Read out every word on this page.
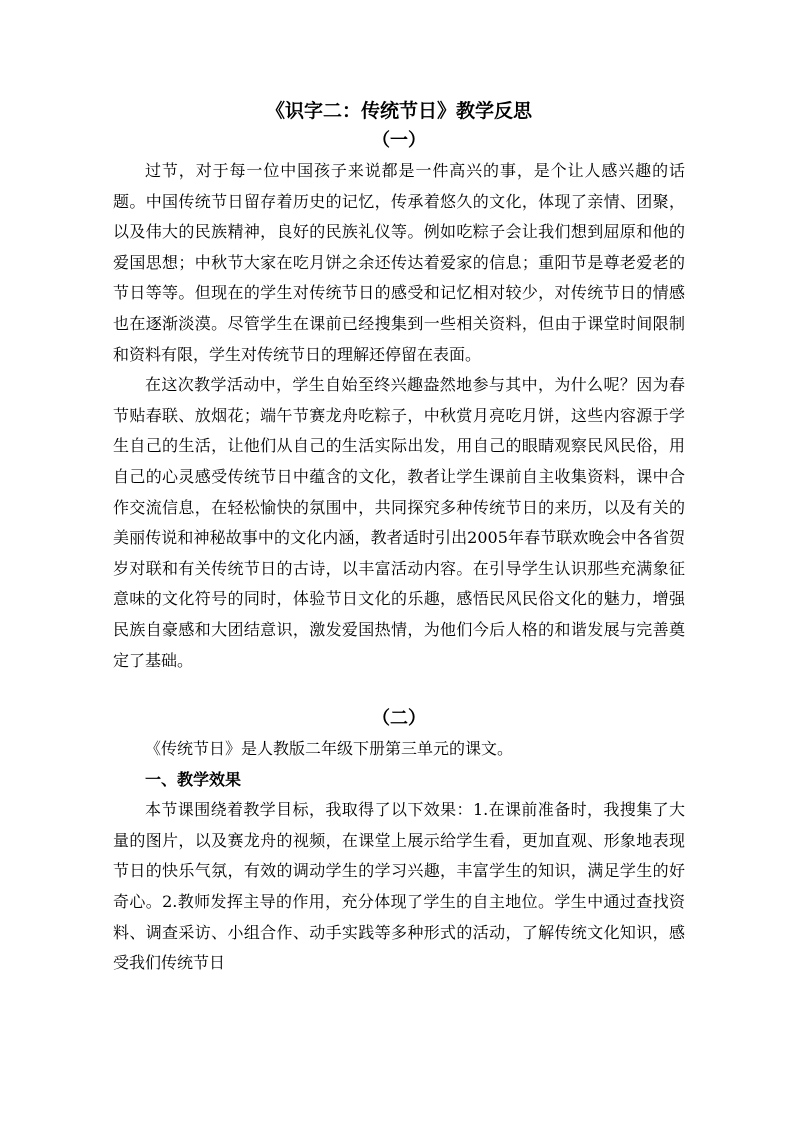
《识字二：传统节日》教学反思
（一）

过节，对于每一位中国孩子来说都是一件高兴的事，是个让人感兴趣的话题。中国传统节日留存着历史的记忆，传承着悠久的文化，体现了亲情、团聚，以及伟大的民族精神，良好的民族礼仪等。例如吃粽子会让我们想到屈原和他的爱国思想；中秋节大家在吃月饼之余还传达着爱家的信息；重阳节是尊老爱老的节日等等。但现在的学生对传统节日的感受和记忆相对较少，对传统节日的情感也在逐渐淡漠。尽管学生在课前已经搜集到一些相关资料，但由于课堂时间限制和资料有限，学生对传统节日的理解还停留在表面。

在这次教学活动中，学生自始至终兴趣盎然地参与其中，为什么呢？因为春节贴春联、放烟花；端午节赛龙舟吃粽子，中秋赏月亮吃月饼，这些内容源于学生自己的生活，让他们从自己的生活实际出发，用自己的眼睛观察民风民俗，用自己的心灵感受传统节日中蕴含的文化，教者让学生课前自主收集资料，课中合作交流信息，在轻松愉快的氛围中，共同探究多种传统节日的来历，以及有关的美丽传说和神秘故事中的文化内涵，教者适时引出2005年春节联欢晚会中各省贺岁对联和有关传统节日的古诗，以丰富活动内容。在引导学生认识那些充满象征意味的文化符号的同时，体验节日文化的乐趣，感悟民风民俗文化的魅力，增强民族自豪感和大团结意识，激发爱国热情，为他们今后人格的和谐发展与完善奠定了基础。

（二）

《传统节日》是人教版二年级下册第三单元的课文。

一、教学效果

本节课围绕着教学目标，我取得了以下效果：1.在课前准备时，我搜集了大量的图片，以及赛龙舟的视频，在课堂上展示给学生看，更加直观、形象地表现节日的快乐气氛，有效的调动学生的学习兴趣，丰富学生的知识，满足学生的好奇心。2.教师发挥主导的作用，充分体现了学生的自主地位。学生中通过查找资料、调查采访、小组合作、动手实践等多种形式的活动，了解传统文化知识，感受我们传统节日
